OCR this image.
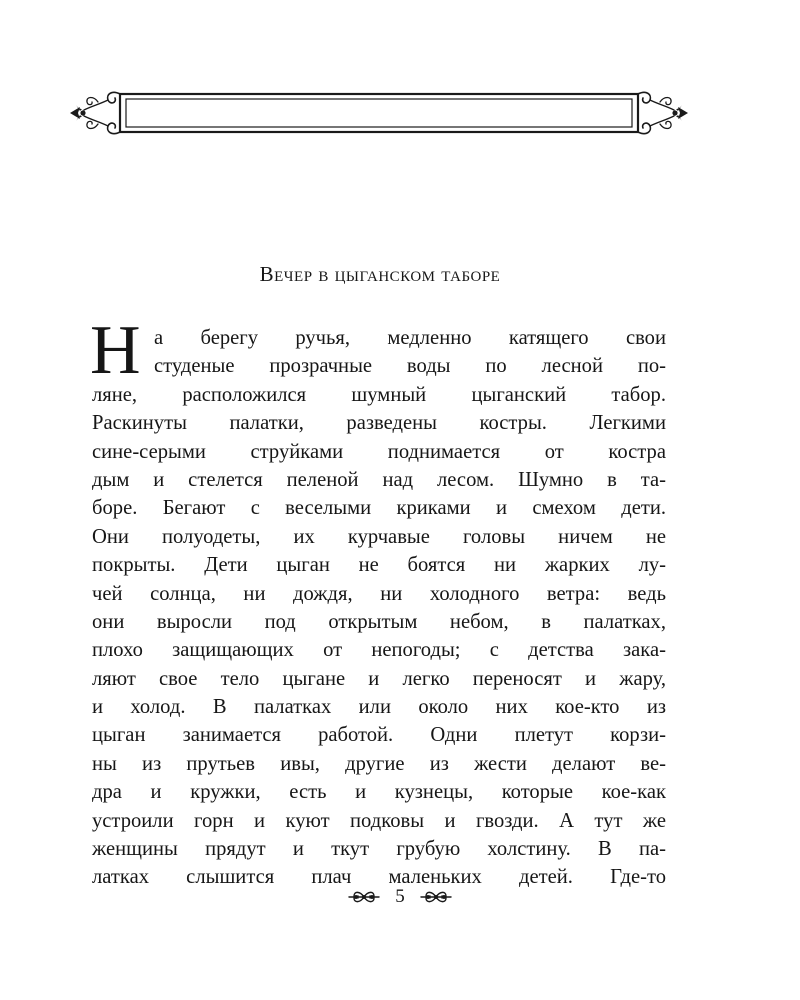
Вечер в цыганском таборе
Н а берегу ручья, медленно катящего свои
студеные прозрачные воды по лесной по-
ляне, расположился шумный цыганский табор.
Раскинуты палатки, разведены костры. Легкими
сине-серыми струйками поднимается от костра
дым и стелется пеленой над лесом. Шумно в та-
боре. Бегают с веселыми криками и смехом дети.
Они полуодеты, их курчавые головы ничем не
покрыты. Дети цыган не боятся ни жарких лу-
чей солнца, ни дождя, ни холодного ветра: ведь
они выросли под открытым небом, в палатках,
плохо защищающих от непогоды; с детства зака-
ляют свое тело цыгане и легко переносят и жару,
и холод. В палатках или около них кое-кто из
цыган занимается работой. Одни плетут корзи-
ны из прутьев ивы, другие из жести делают ве-
дра и кружки, есть и кузнецы, которые кое-как
устроили горн и куют подковы и гвозди. А тут же
женщины прядут и ткут грубую холстину. В па-
латках слышится плач маленьких детей. Где-то
5
